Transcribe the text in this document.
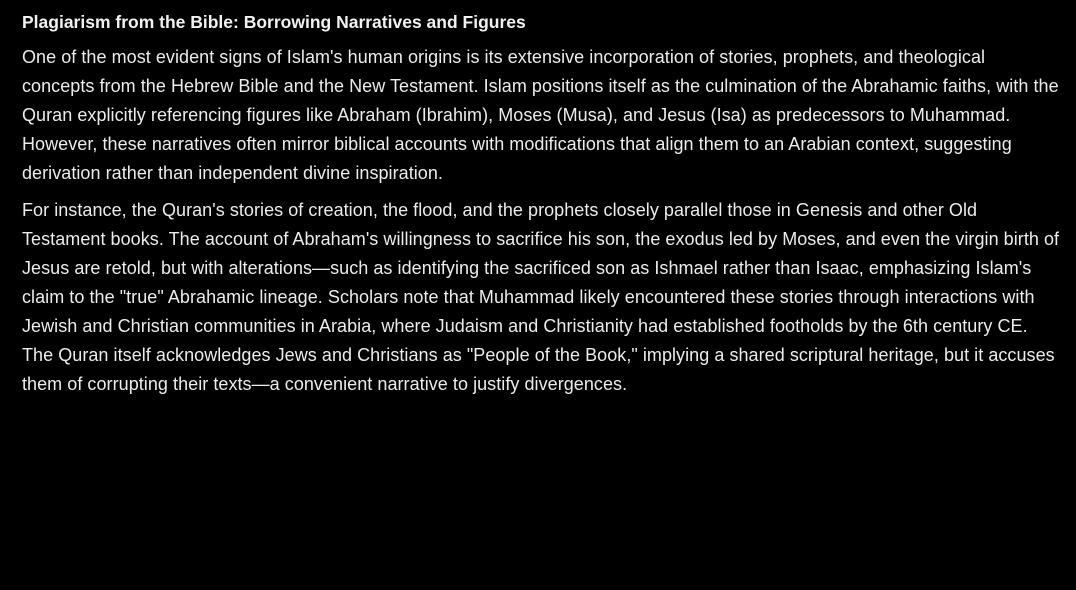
Plagiarism from the Bible: Borrowing Narratives and Figures

One of the most evident signs of Islam's human origins is its extensive incorporation of stories, prophets, and theological concepts from the Hebrew Bible and the New Testament. Islam positions itself as the culmination of the Abrahamic faiths, with the Quran explicitly referencing figures like Abraham (Ibrahim), Moses (Musa), and Jesus (Isa) as predecessors to Muhammad. However, these narratives often mirror biblical accounts with modifications that align them to an Arabian context, suggesting derivation rather than independent divine inspiration.

For instance, the Quran's stories of creation, the flood, and the prophets closely parallel those in Genesis and other Old Testament books. The account of Abraham's willingness to sacrifice his son, the exodus led by Moses, and even the virgin birth of Jesus are retold, but with alterations—such as identifying the sacrificed son as Ishmael rather than Isaac, emphasizing Islam's claim to the "true" Abrahamic lineage. Scholars note that Muhammad likely encountered these stories through interactions with Jewish and Christian communities in Arabia, where Judaism and Christianity had established footholds by the 6th century CE. The Quran itself acknowledges Jews and Christians as "People of the Book," implying a shared scriptural heritage, but it accuses them of corrupting their texts—a convenient narrative to justify divergences.
